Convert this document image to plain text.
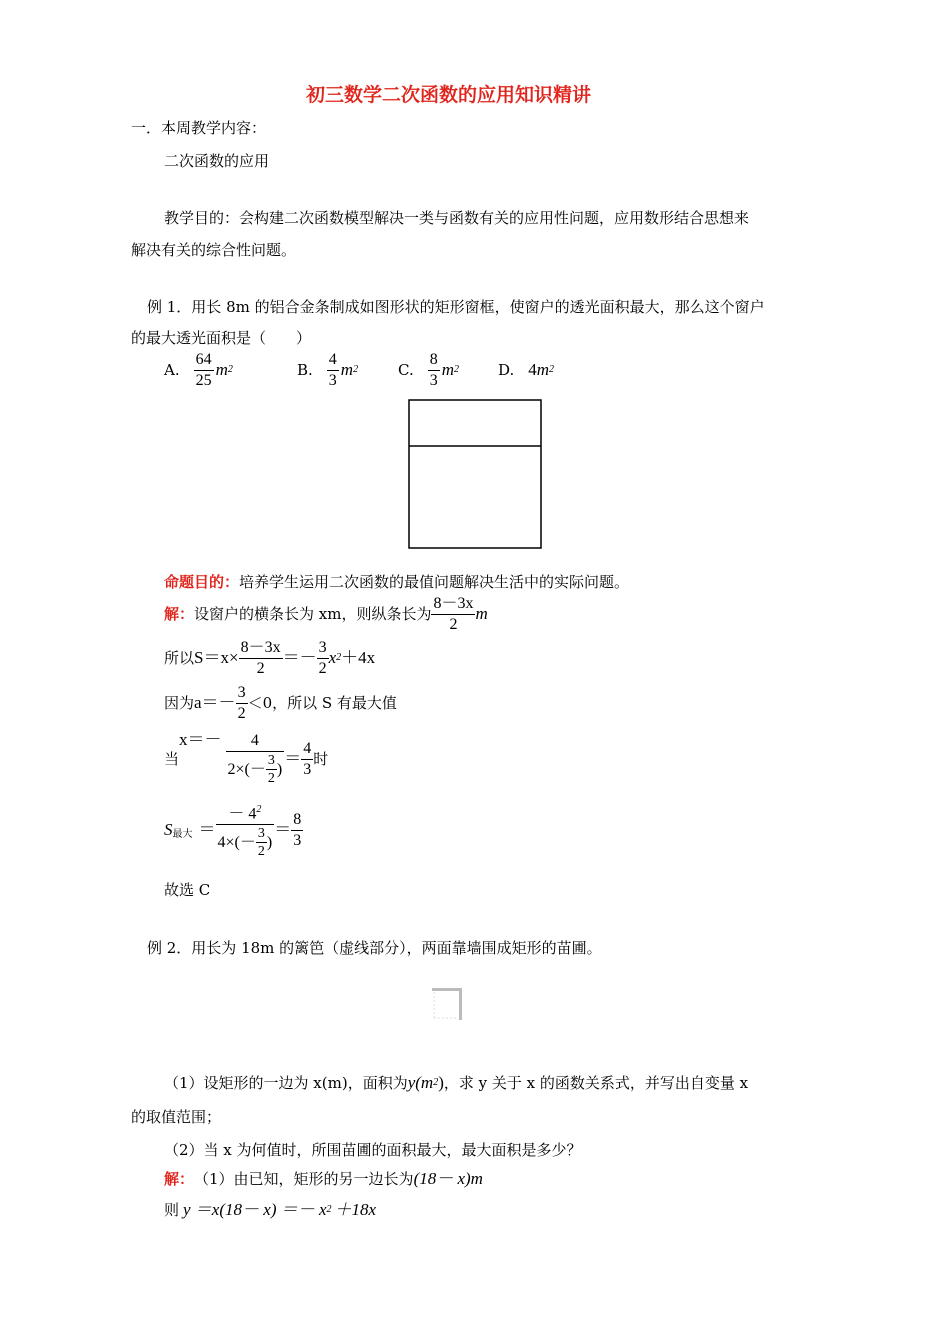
初三数学二次函数的应用知识精讲
一．本周教学内容：
二次函数的应用
教学目的：会构建二次函数模型解决一类与函数有关的应用性问题，应用数形结合思想来
解决有关的综合性问题。
例 1．用长 8m 的铝合金条制成如图形状的矩形窗框，使窗户的透光面积最大，那么这个窗户
的最大透光面积是（　　）
A. $\frac{64}{25}$ m 2	B. $\frac{4}{3}$ m 2	C. $\frac{8}{3}$ m 2	D. 4 m 2
命题目的：培养学生运用二次函数的最值问题解决生活中的实际问题。
解： 设窗户的横条长为 xm，则纵条长为 $\frac{8-3x}{2}$ m
所以 $S=x\times \frac{8-3x}{2} =- \frac{3}{2}$ x 2 ＋4x
因为 $a=- \frac{3}{2} <0$，所以 S 有最大值
当
$x=- \frac{4}{2\times(- \frac{3}{2} )} = \frac{4}{3}$ 时
S 最大 ＝ $\frac{- 4^2}{4\times(- \frac{3}{2} )} = \frac{8}{3}$
故选 C
例 2．用长为 18m 的篱笆（虚线部分），两面靠墙围成矩形的苗圃。
（1）设矩形的一边为 x(m)，面积为 y(m 2 ) ，求 y 关于 x 的函数关系式，并写出自变量 x
的取值范围；
（2）当 x 为何值时，所围苗圃的面积最大，最大面积是多少？
解： （1）由已知，矩形的另一边长为 (18－ x)m
则 y ＝x(18－ x) ＝－ x 2 ＋18x
